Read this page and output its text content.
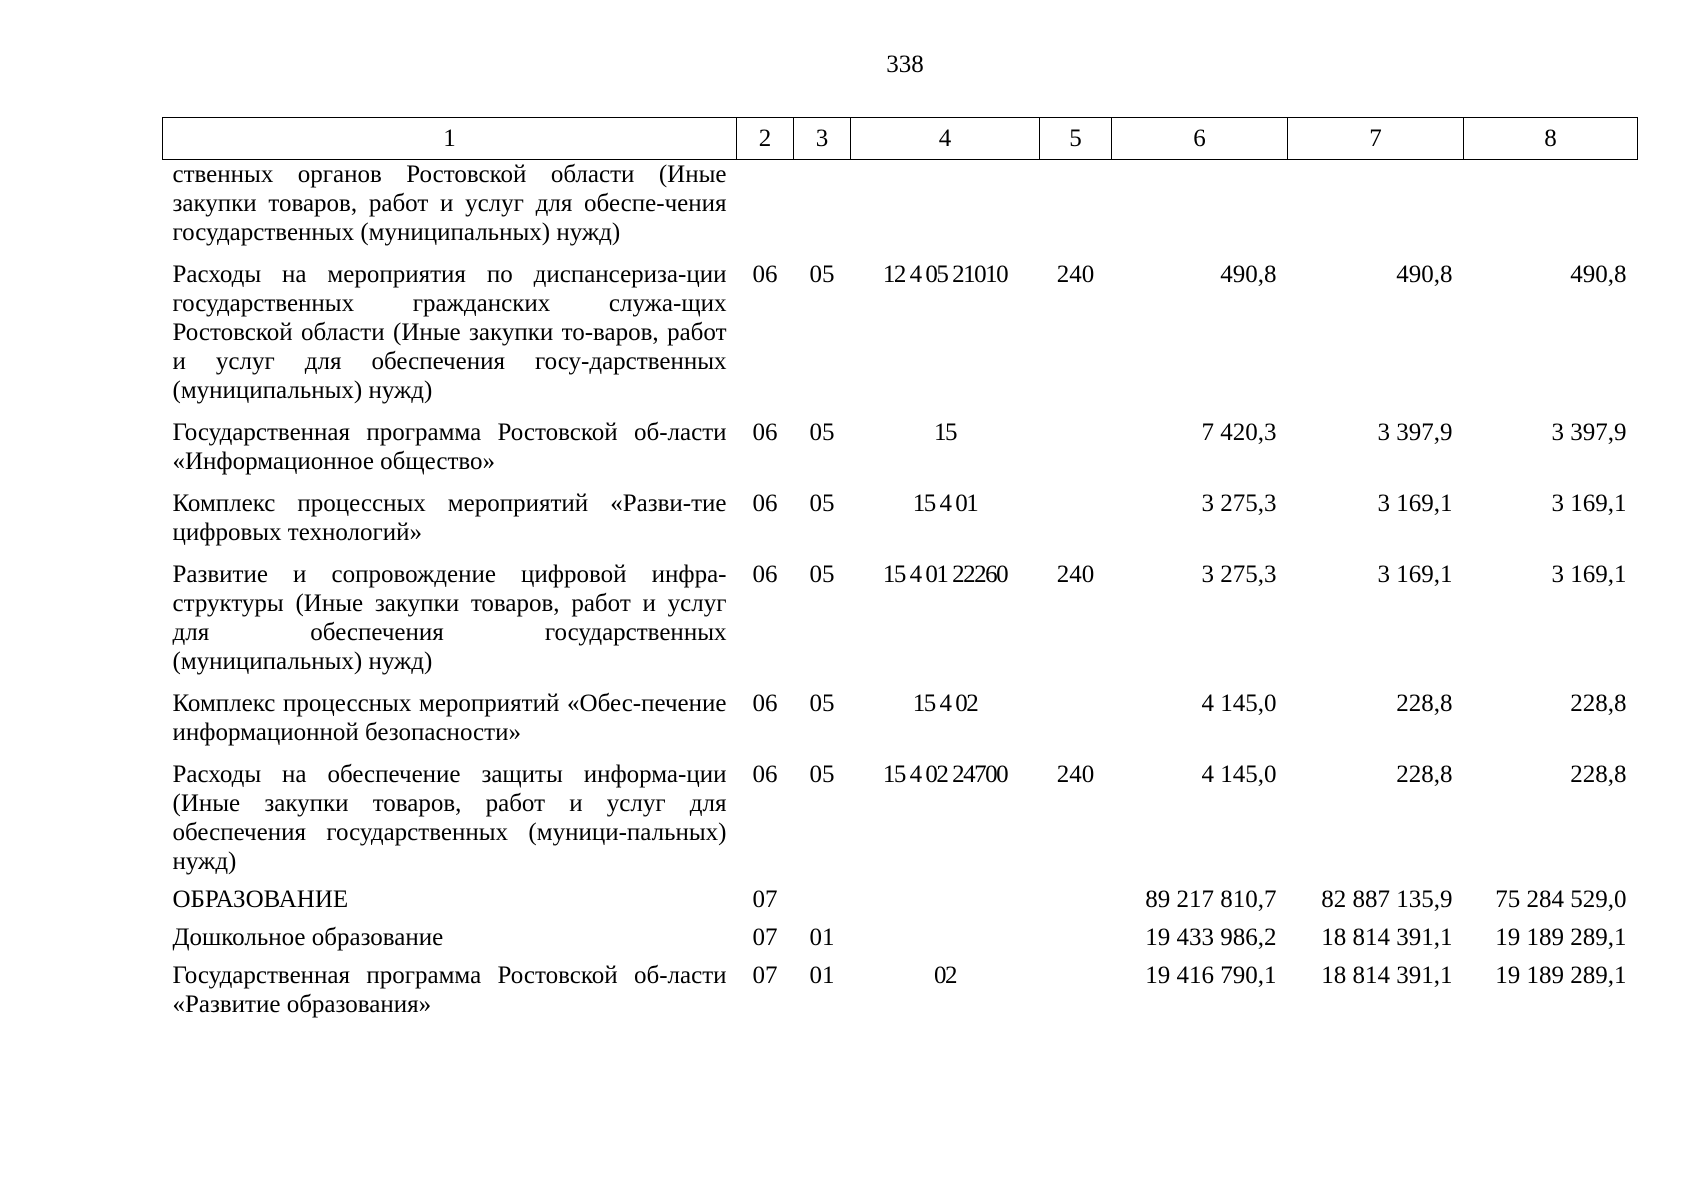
338
1	2	3	4	5	6	7	8
ственных органов Ростовской области (Иные закупки товаров, работ и услуг для обеспе-чения государственных (муниципальных) нужд)							
Расходы на мероприятия по диспансериза-ции государственных гражданских служа-щих Ростовской области (Иные закупки то-варов, работ и услуг для обеспечения госу-дарственных (муниципальных) нужд)	06	05	12 4 05 21010	240	490,8	490,8	490,8
Государственная программа Ростовской об-ласти «Информационное общество»	06	05	15		7 420,3	3 397,9	3 397,9
Комплекс процессных мероприятий «Разви-тие цифровых технологий»	06	05	15 4 01		3 275,3	3 169,1	3 169,1
Развитие и сопровождение цифровой инфра-структуры (Иные закупки товаров, работ и услуг для обеспечения государственных (муниципальных) нужд)	06	05	15 4 01 22260	240	3 275,3	3 169,1	3 169,1
Комплекс процессных мероприятий «Обес-печение информационной безопасности»	06	05	15 4 02		4 145,0	228,8	228,8
Расходы на обеспечение защиты информа-ции (Иные закупки товаров, работ и услуг для обеспечения государственных (муници-пальных) нужд)	06	05	15 4 02 24700	240	4 145,0	228,8	228,8
ОБРАЗОВАНИЕ	07				89 217 810,7	82 887 135,9	75 284 529,0
Дошкольное образование	07	01			19 433 986,2	18 814 391,1	19 189 289,1
Государственная программа Ростовской об-ласти «Развитие образования»	07	01	02		19 416 790,1	18 814 391,1	19 189 289,1
